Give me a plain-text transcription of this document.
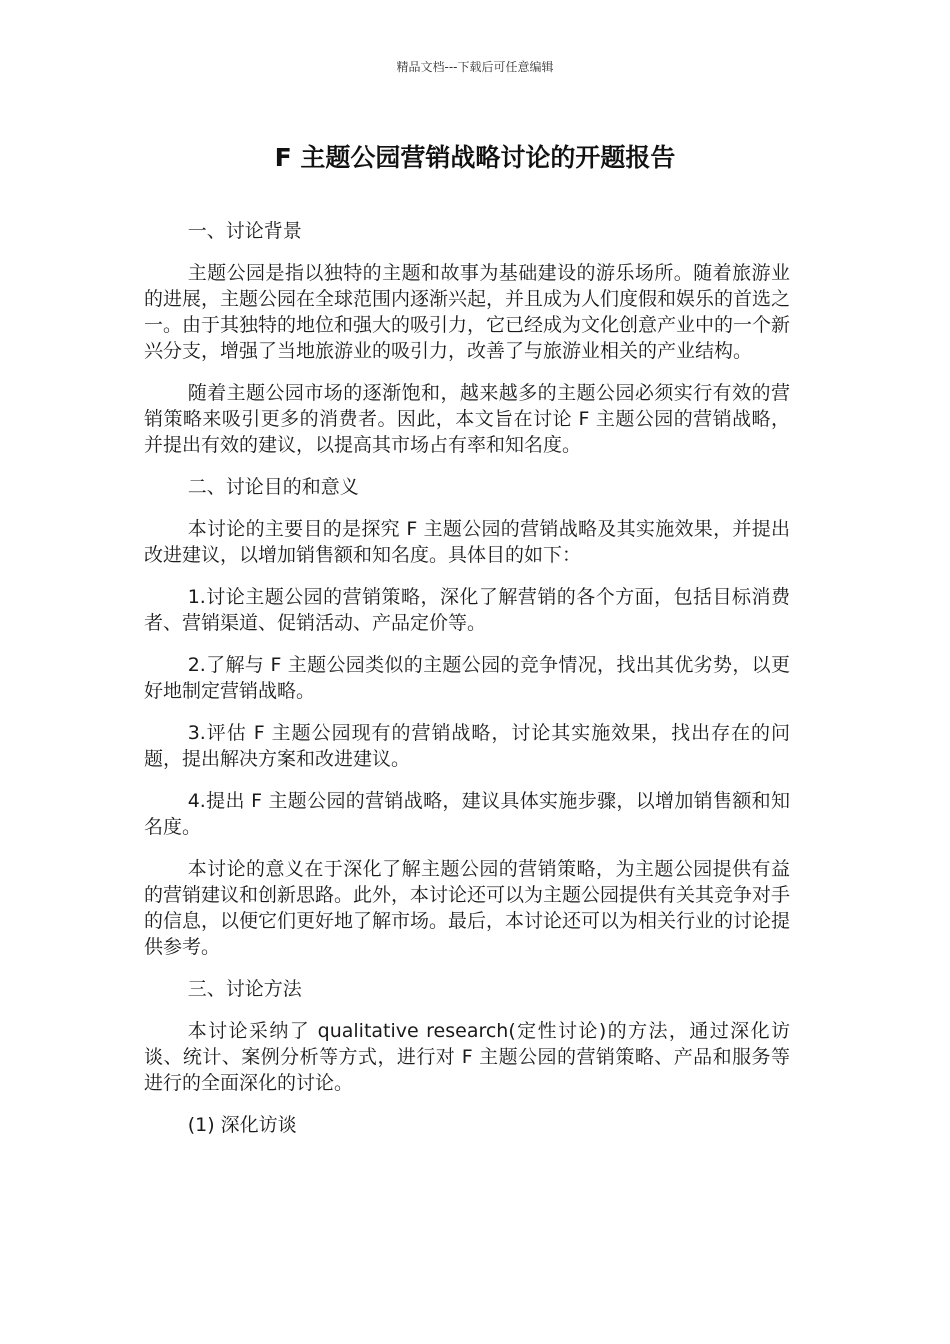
精品文档---下载后可任意编辑
F 主题公园营销战略讨论的开题报告

一、讨论背景

主题公园是指以独特的主题和故事为基础建设的游乐场所。随着旅游业的进展，主题公园在全球范围内逐渐兴起，并且成为人们度假和娱乐的首选之一。由于其独特的地位和强大的吸引力，它已经成为文化创意产业中的一个新兴分支，增强了当地旅游业的吸引力，改善了与旅游业相关的产业结构。

随着主题公园市场的逐渐饱和，越来越多的主题公园必须实行有效的营销策略来吸引更多的消费者。因此，本文旨在讨论 F 主题公园的营销战略，并提出有效的建议，以提高其市场占有率和知名度。

二、讨论目的和意义

本讨论的主要目的是探究 F 主题公园的营销战略及其实施效果，并提出改进建议，以增加销售额和知名度。具体目的如下：

1.讨论主题公园的营销策略，深化了解营销的各个方面，包括目标消费者、营销渠道、促销活动、产品定价等。

2.了解与 F 主题公园类似的主题公园的竞争情况，找出其优劣势，以更好地制定营销战略。

3.评估 F 主题公园现有的营销战略，讨论其实施效果，找出存在的问题，提出解决方案和改进建议。

4.提出 F 主题公园的营销战略，建议具体实施步骤，以增加销售额和知名度。

本讨论的意义在于深化了解主题公园的营销策略，为主题公园提供有益的营销建议和创新思路。此外，本讨论还可以为主题公园提供有关其竞争对手的信息，以便它们更好地了解市场。最后，本讨论还可以为相关行业的讨论提供参考。

三、讨论方法

本讨论采纳了 qualitative research(定性讨论)的方法，通过深化访谈、统计、案例分析等方式，进行对 F 主题公园的营销策略、产品和服务等进行的全面深化的讨论。

(1) 深化访谈
